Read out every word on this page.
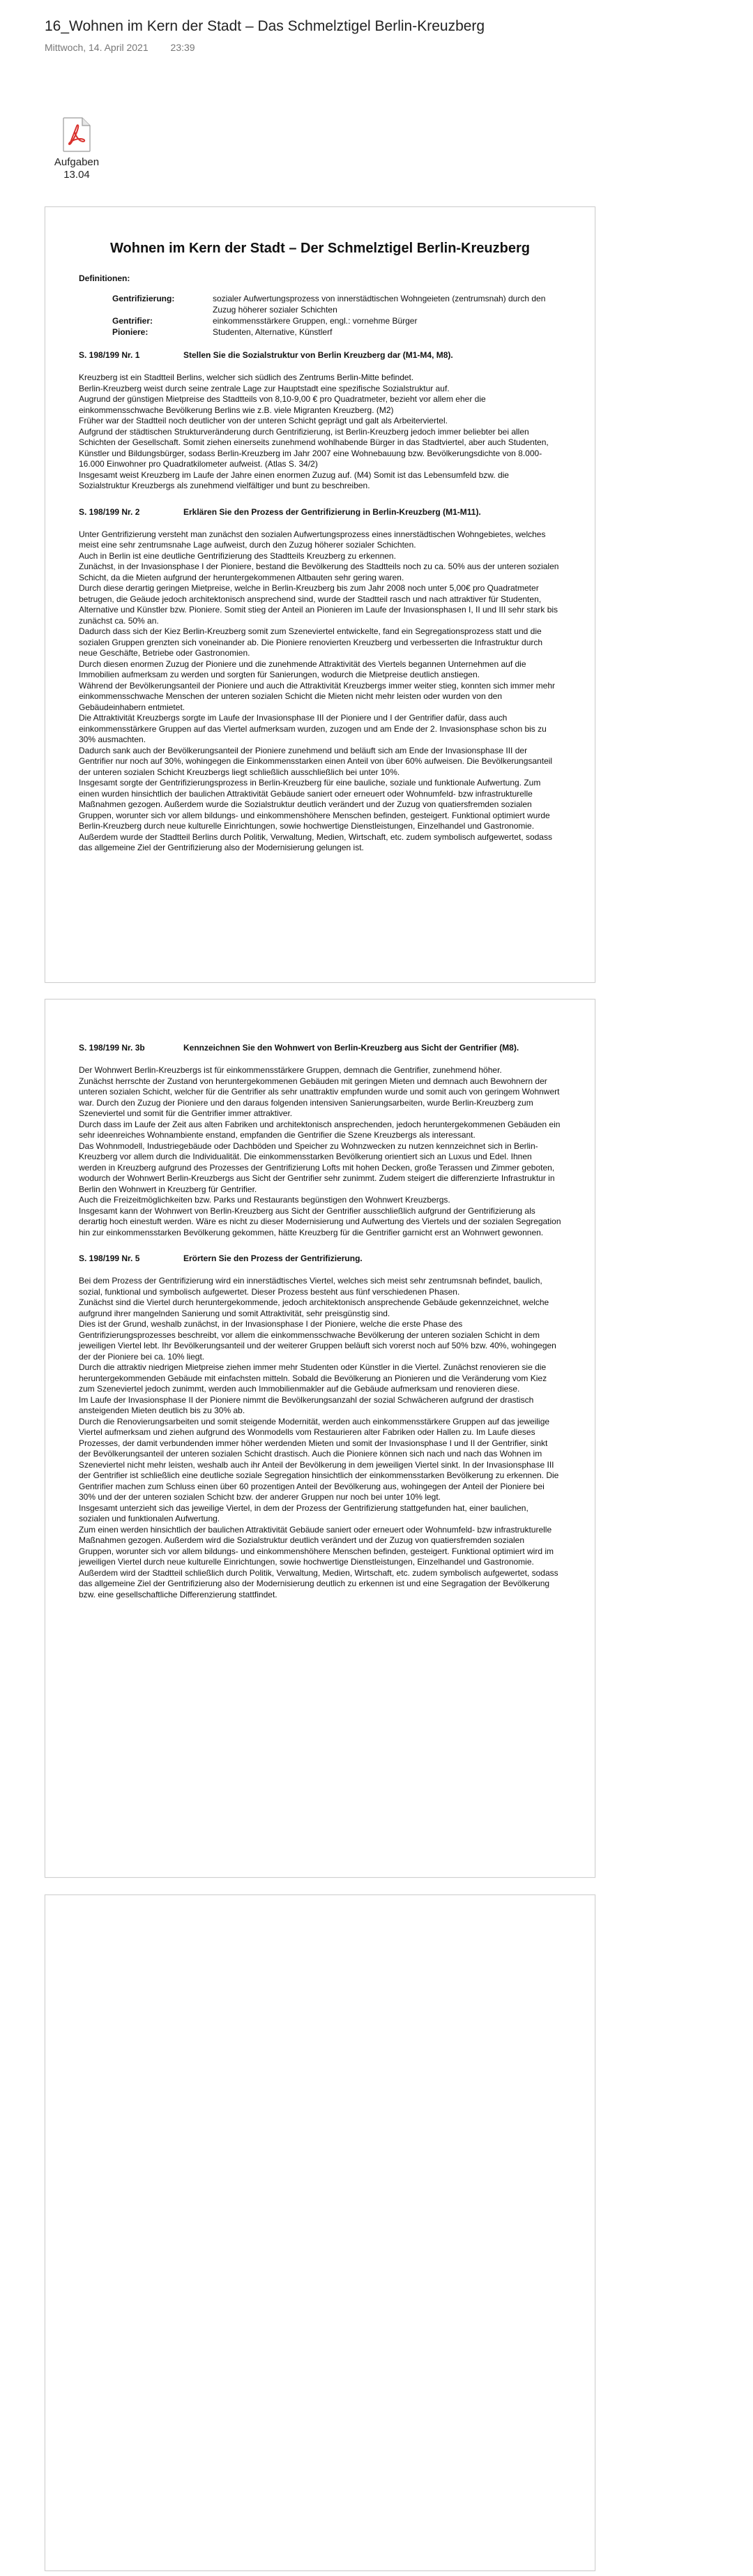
16_Wohnen im Kern der Stadt – Das Schmelztigel Berlin-Kreuzberg
Mittwoch, 14. April 2021 23:39
Aufgaben 13.04
Wohnen im Kern der Stadt – Der Schmelztigel Berlin-Kreuzberg
Definitionen:
Gentrifizierung:	sozialer Aufwertungsprozess von innerstädtischen Wohngeieten (zentrumsnah) durch den Zuzug höherer sozialer Schichten
Gentrifier:	einkommensstärkere Gruppen, engl.: vornehme Bürger
Pioniere:	Studenten, Alternative, Künstlerf
S. 198/199 Nr. 1	Stellen Sie die Sozialstruktur von Berlin Kreuzberg dar (M1-M4, M8).

Kreuzberg ist ein Stadtteil Berlins, welcher sich südlich des Zentrums Berlin-Mitte befindet.
Berlin-Kreuzberg weist durch seine zentrale Lage zur Hauptstadt eine spezifische Sozialstruktur auf.
Augrund der günstigen Mietpreise des Stadtteils von 8,10-9,00 € pro Quadratmeter, bezieht vor allem eher die einkommensschwache Bevölkerung Berlins wie z.B. viele Migranten Kreuzberg. (M2)
Früher war der Stadtteil noch deutlicher von der unteren Schicht geprägt und galt als Arbeiterviertel.
Aufgrund der städtischen Strukturveränderung durch Gentrifizierung, ist Berlin-Kreuzberg jedoch immer beliebter bei allen Schichten der Gesellschaft. Somit ziehen einerseits zunehmend wohlhabende Bürger in das Stadtviertel, aber auch Studenten, Künstler und Bildungsbürger, sodass Berlin-Kreuzberg im Jahr 2007 eine Wohnebauung bzw. Bevölkerungsdichte von 8.000-16.000 Einwohner pro Quadratkilometer aufweist. (Atlas S. 34/2)
Insgesamt weist Kreuzberg im Laufe der Jahre einen enormen Zuzug auf. (M4) Somit ist das Lebensumfeld bzw. die Sozialstruktur Kreuzbergs als zunehmend vielfältiger und bunt zu beschreiben.

S. 198/199 Nr. 2	Erklären Sie den Prozess der Gentrifizierung in Berlin-Kreuzberg (M1-M11).

Unter Gentrifizierung versteht man zunächst den sozialen Aufwertungsprozess eines innerstädtischen Wohngebietes, welches meist eine sehr zentrumsnahe Lage aufweist, durch den Zuzug höherer sozialer Schichten.
Auch in Berlin ist eine deutliche Gentrifizierung des Stadtteils Kreuzberg zu erkennen.
Zunächst, in der Invasionsphase I der Pioniere, bestand die Bevölkerung des Stadtteils noch zu ca. 50% aus der unteren sozialen Schicht, da die Mieten aufgrund der heruntergekommenen Altbauten sehr gering waren.
Durch diese derartig geringen Mietpreise, welche in Berlin-Kreuzberg bis zum Jahr 2008 noch unter 5,00€ pro Quadratmeter betrugen, die Geäude jedoch architektonisch ansprechend sind, wurde der Stadtteil rasch und nach attraktiver für Studenten, Alternative und Künstler bzw. Pioniere. Somit stieg der Anteil an Pionieren im Laufe der Invasionsphasen I, II und III sehr stark bis zunächst ca. 50% an.
Dadurch dass sich der Kiez Berlin-Kreuzberg somit zum Szeneviertel entwickelte, fand ein Segregationsprozess statt und die sozialen Gruppen grenzten sich voneinander ab. Die Pioniere renovierten Kreuzberg und verbesserten die Infrastruktur durch neue Geschäfte, Betriebe oder Gastronomien.
Durch diesen enormen Zuzug der Pioniere und die zunehmende Attraktivität des Viertels begannen Unternehmen auf die Immobilien aufmerksam zu werden und sorgten für Sanierungen, wodurch die Mietpreise deutlich anstiegen.
Während der Bevölkerungsanteil der Pioniere und auch die Attraktivität Kreuzbergs immer weiter stieg, konnten sich immer mehr einkommensschwache Menschen der unteren sozialen Schicht die Mieten nicht mehr leisten oder wurden von den Gebäudeinhabern entmietet.
Die Attraktivität Kreuzbergs sorgte im Laufe der Invasionsphase III der Pioniere und I der Gentrifier dafür, dass auch einkommensstärkere Gruppen auf das Viertel aufmerksam wurden, zuzogen und am Ende der 2. Invasionsphase schon bis zu 30% ausmachten.
Dadurch sank auch der Bevölkerungsanteil der Pioniere zunehmend und beläuft sich am Ende der Invasionsphase III der Gentrifier nur noch auf 30%, wohingegen die Einkommensstarken einen Anteil von über 60% aufweisen. Die Bevölkerungsanteil der unteren sozialen Schicht Kreuzbergs liegt schließlich ausschließlich bei unter 10%.
Insgesamt sorgte der Gentrifizierungsprozess in Berlin-Kreuzberg für eine bauliche, soziale und funktionale Aufwertung. Zum einen wurden hinsichtlich der baulichen Attraktivität Gebäude saniert oder erneuert oder Wohnumfeld- bzw infrastrukturelle Maßnahmen gezogen. Außerdem wurde die Sozialstruktur deutlich verändert und der Zuzug von quatiersfremden sozialen Gruppen, worunter sich vor allem bildungs- und einkommenshöhere Menschen befinden, gesteigert. Funktional optimiert wurde Berlin-Kreuzberg durch neue kulturelle Einrichtungen, sowie hochwertige Dienstleistungen, Einzelhandel und Gastronomie. Außerdem wurde der Stadtteil Berlins durch Politik, Verwaltung, Medien, Wirtschaft, etc. zudem symbolisch aufgewertet, sodass das allgemeine Ziel der Gentrifizierung also der Modernisierung gelungen ist.

S. 198/199 Nr. 3b	Kennzeichnen Sie den Wohnwert von Berlin-Kreuzberg aus Sicht der Gentrifier (M8).

Der Wohnwert Berlin-Kreuzbergs ist für einkommensstärkere Gruppen, demnach die Gentrifier, zunehmend höher.
Zunächst herrschte der Zustand von heruntergekommenen Gebäuden mit geringen Mieten und demnach auch Bewohnern der unteren sozialen Schicht, welcher für die Gentrifier als sehr unattraktiv empfunden wurde und somit auch von geringem Wohnwert war. Durch den Zuzug der Pioniere und den daraus folgenden intensiven Sanierungsarbeiten, wurde Berlin-Kreuzberg zum Szeneviertel und somit für die Gentrifier immer attraktiver.
Durch dass im Laufe der Zeit aus alten Fabriken und architektonisch ansprechenden, jedoch heruntergekommenen Gebäuden ein sehr ideenreiches Wohnambiente enstand, empfanden die Gentrifier die Szene Kreuzbergs als interessant.
Das Wohnmodell, Industriegebäude oder Dachböden und Speicher zu Wohnzwecken zu nutzen kennzeichnet sich in Berlin-Kreuzberg vor allem durch die Individualität. Die einkommensstarken Bevölkerung orientiert sich an Luxus und Edel. Ihnen werden in Kreuzberg aufgrund des Prozesses der Gentrifizierung Lofts mit hohen Decken, große Terassen und Zimmer geboten, wodurch der Wohnwert Berlin-Kreuzbergs aus Sicht der Gentrifier sehr zunimmt. Zudem steigert die differenzierte Infrastruktur in Berlin den Wohnwert in Kreuzberg für Gentrifier.
Auch die Freizeitmöglichkeiten bzw. Parks und Restaurants begünstigen den Wohnwert Kreuzbergs.
Insgesamt kann der Wohnwert von Berlin-Kreuzberg aus Sicht der Gentrifier ausschließlich aufgrund der Gentrifizierung als derartig hoch einestuft werden. Wäre es nicht zu dieser Modernisierung und Aufwertung des Viertels und der sozialen Segregation hin zur einkommensstarken Bevölkerung gekommen, hätte Kreuzberg für die Gentrifier garnicht erst an Wohnwert gewonnen.

S. 198/199 Nr. 5	Erörtern Sie den Prozess der Gentrifizierung.

Bei dem Prozess der Gentrifizierung wird ein innerstädtisches Viertel, welches sich meist sehr zentrumsnah befindet, baulich, sozial, funktional und symbolisch aufgewertet. Dieser Prozess besteht aus fünf verschiedenen Phasen.
Zunächst sind die Viertel durch heruntergekommende, jedoch architektonisch ansprechende Gebäude gekennzeichnet, welche aufgrund ihrer mangelnden Sanierung und somit Attraktivität, sehr preisgünstig sind.
Dies ist der Grund, weshalb zunächst, in der Invasionsphase I der Pioniere, welche die erste Phase des Gentrifizierungsprozesses beschreibt, vor allem die einkommensschwache Bevölkerung der unteren sozialen Schicht in dem jeweiligen Viertel lebt. Ihr Bevölkerungsanteil und der weiterer Gruppen beläuft sich vorerst noch auf 50% bzw. 40%, wohingegen der der Pioniere bei ca. 10% liegt.
Durch die attraktiv niedrigen Mietpreise ziehen immer mehr Studenten oder Künstler in die Viertel. Zunächst renovieren sie die heruntergekommenden Gebäude mit einfachsten mitteln. Sobald die Bevölkerung an Pionieren und die Veränderung vom Kiez zum Szeneviertel jedoch zunimmt, werden auch Immobilienmakler auf die Gebäude aufmerksam und renovieren diese.
Im Laufe der Invasionsphase II der Pioniere nimmt die Bevölkerungsanzahl der sozial Schwächeren aufgrund der drastisch ansteigenden Mieten deutlich bis zu 30% ab.
Durch die Renovierungsarbeiten und somit steigende Modernität, werden auch einkommensstärkere Gruppen auf das jeweilige Viertel aufmerksam und ziehen aufgrund des Wonmodells vom Restaurieren alter Fabriken oder Hallen zu. Im Laufe dieses Prozesses, der damit verbundenden immer höher werdenden Mieten und somit der Invasionsphase I und II der Gentrifier, sinkt der Bevölkerungsanteil der unteren sozialen Schicht drastisch. Auch die Pioniere können sich nach und nach das Wohnen im Szeneviertel nicht mehr leisten, weshalb auch ihr Anteil der Bevölkerung in dem jeweiligen Viertel sinkt. In der Invasionsphase III der Gentrifier ist schließlich eine deutliche soziale Segregation hinsichtlich der einkommensstarken Bevölkerung zu erkennen. Die Gentrifier machen zum Schluss einen über 60 prozentigen Anteil der Bevölkerung aus, wohingegen der Anteil der Pioniere bei 30% und der der unteren sozialen Schicht bzw. der anderer Gruppen nur noch bei unter 10% legt.
Insgesamt unterzieht sich das jeweilige Viertel, in dem der Prozess der Gentrifizierung stattgefunden hat, einer baulichen, sozialen und funktionalen Aufwertung.
Zum einen werden hinsichtlich der baulichen Attraktivität Gebäude saniert oder erneuert oder Wohnumfeld- bzw infrastrukturelle Maßnahmen gezogen. Außerdem wird die Sozialstruktur deutlich verändert und der Zuzug von quatiersfremden sozialen Gruppen, worunter sich vor allem bildungs- und einkommenshöhere Menschen befinden, gesteigert. Funktional optimiert wird im jeweiligen Viertel durch neue kulturelle Einrichtungen, sowie hochwertige Dienstleistungen, Einzelhandel und Gastronomie. Außerdem wird der Stadtteil schließlich durch Politik, Verwaltung, Medien, Wirtschaft, etc. zudem symbolisch aufgewertet, sodass das allgemeine Ziel der Gentrifizierung also der Modernisierung deutlich zu erkennen ist und eine Segragation der Bevölkerung bzw. eine gesellschaftliche Differenzierung stattfindet.
